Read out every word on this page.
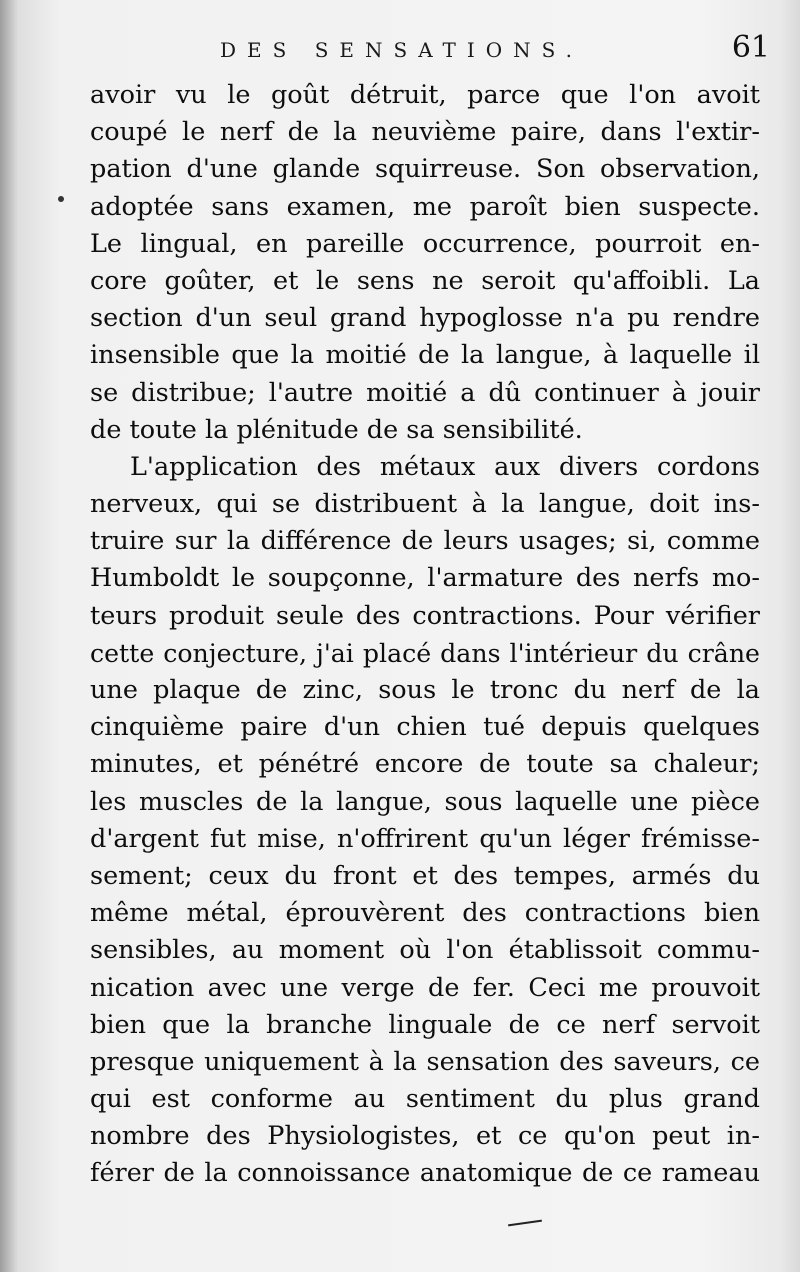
DES SENSATIONS.	61
avoir vu le goût détruit, parce que l'on avoit
coupé le nerf de la neuvième paire, dans l'extir-
pation d'une glande squirreuse. Son observation,
adoptée sans examen, me paroît bien suspecte.
Le lingual, en pareille occurrence, pourroit en-
core goûter, et le sens ne seroit qu'affoibli. La
section d'un seul grand hypoglosse n'a pu rendre
insensible que la moitié de la langue, à laquelle il
se distribue; l'autre moitié a dû continuer à jouir
de toute la plénitude de sa sensibilité.
L'application des métaux aux divers cordons
nerveux, qui se distribuent à la langue, doit ins-
truire sur la différence de leurs usages; si, comme
Humboldt le soupçonne, l'armature des nerfs mo-
teurs produit seule des contractions. Pour vérifier
cette conjecture, j'ai placé dans l'intérieur du crâne
une plaque de zinc, sous le tronc du nerf de la
cinquième paire d'un chien tué depuis quelques
minutes, et pénétré encore de toute sa chaleur;
les muscles de la langue, sous laquelle une pièce
d'argent fut mise, n'offrirent qu'un léger frémisse-
sement; ceux du front et des tempes, armés du
même métal, éprouvèrent des contractions bien
sensibles, au moment où l'on établissoit commu-
nication avec une verge de fer. Ceci me prouvoit
bien que la branche linguale de ce nerf servoit
presque uniquement à la sensation des saveurs, ce
qui est conforme au sentiment du plus grand
nombre des Physiologistes, et ce qu'on peut in-
férer de la connoissance anatomique de ce rameau
